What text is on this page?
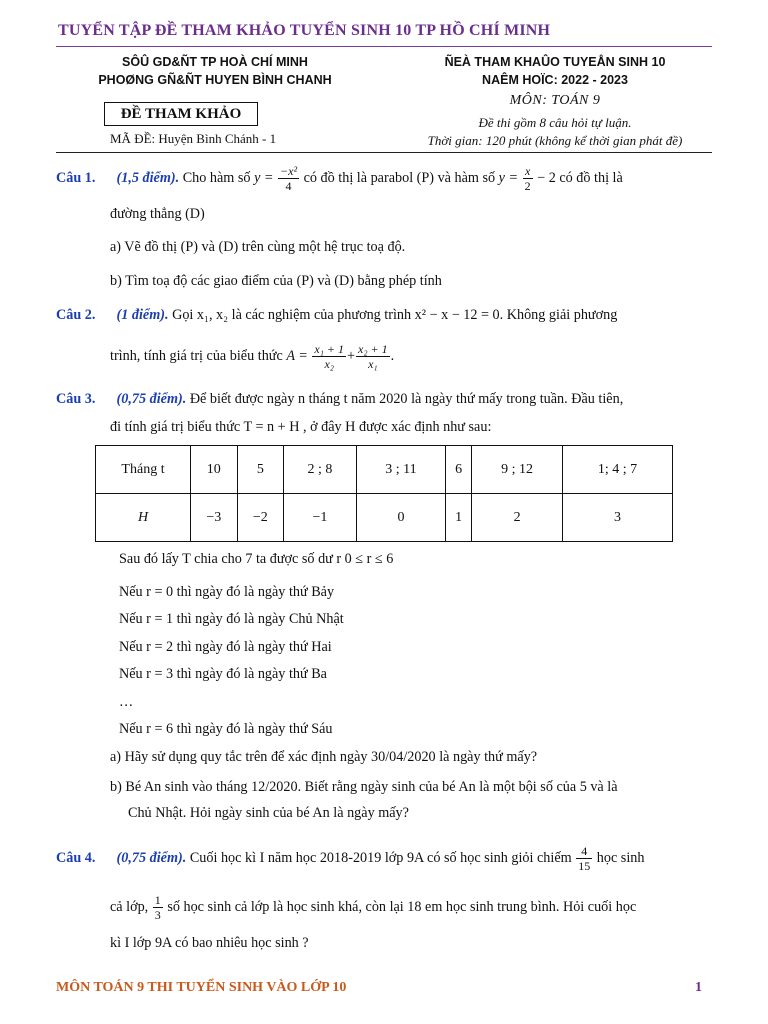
TUYỂN TẬP ĐỀ THAM KHẢO TUYỂN SINH 10 TP HỒ CHÍ MINH
SÔÛ GD&ÑT TP HOÀ CHÍ MINH
PHOØNG GÑ&ÑT HUYEN BÌNH CHANH
ĐỀ THAM KHẢO
MÃ ĐỀ: Huyện Bình Chánh - 1
ÑEÀ THAM KHAÛO TUYEÅN SINH 10
NAÊM HOÏC: 2022 - 2023
MÔN: TOÁN 9
Đề thi gồm 8 câu hỏi tự luận.
Thời gian: 120 phút (không kể thời gian phát đề)
Câu 1. (1,5 điểm). Cho hàm số $y = \frac{\text{−x²}}{4}$ có đồ thị là parabol (P) và hàm số $y = \frac{x}{2} - 2$ có đồ thị là
đường thẳng (D)
a) Vẽ đồ thị (P) và (D) trên cùng một hệ trục toạ độ.
b) Tìm toạ độ các giao điểm của (P) và (D) bằng phép tính
Câu 2. (1 điểm). Gọi x₁, x₂ là các nghiệm của phương trình x² − x − 12 = 0. Không giải phương
trình, tính giá trị của biểu thức $A = \frac{\text{x₁ + 1}}{\text{x₂}} + \frac{\text{x₂ + 1}}{\text{x₁}}$ .
Câu 3. (0,75 điểm). Để biết được ngày n tháng t năm 2020 là ngày thứ mấy trong tuần. Đầu tiên,
đi tính giá trị biểu thức T = n + H , ở đây H được xác định như sau:
Tháng t	10	5	2 ; 8	3 ; 11	6	9 ; 12	1; 4 ; 7
H	−3	−2	−1	0	1	2	3
Sau đó lấy T chia cho 7 ta được số dư r 0 ≤ r ≤ 6
Nếu r = 0 thì ngày đó là ngày thứ Bảy
Nếu r = 1 thì ngày đó là ngày Chủ Nhật
Nếu r = 2 thì ngày đó là ngày thứ Hai
Nếu r = 3 thì ngày đó là ngày thứ Ba
…
Nếu r = 6 thì ngày đó là ngày thứ Sáu
a) Hãy sử dụng quy tắc trên để xác định ngày 30/04/2020 là ngày thứ mấy?
b) Bé An sinh vào tháng 12/2020. Biết rằng ngày sinh của bé An là một bội số của 5 và là
Chủ Nhật. Hỏi ngày sinh của bé An là ngày mấy?
Câu 4. (0,75 điểm). Cuối học kì I năm học 2018-2019 lớp 9A có số học sinh giỏi chiếm $\frac{4}{15}$ học sinh
cả lớp, $\frac{1}{3}$ số học sinh cả lớp là học sinh khá, còn lại 18 em học sinh trung bình. Hỏi cuối học
kì I lớp 9A có bao nhiêu học sinh ?
MÔN TOÁN 9 THI TUYỂN SINH VÀO LỚP 10	1
